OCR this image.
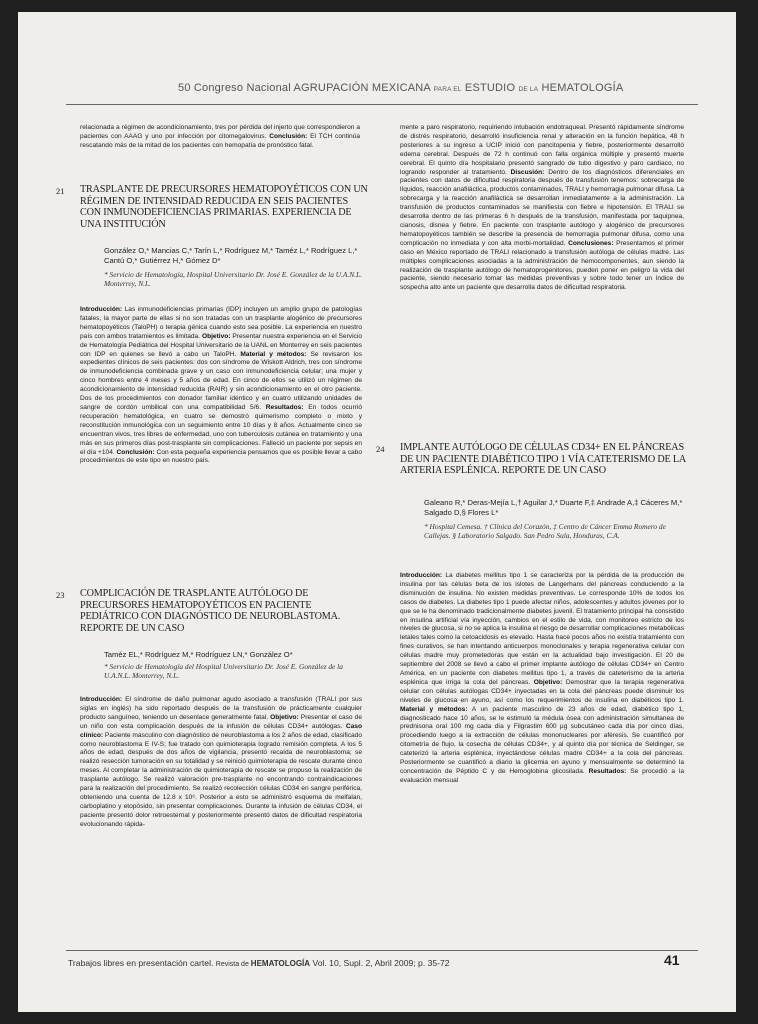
50 Congreso Nacional AGRUPACIÓN MEXICANA PARA EL ESTUDIO DE LA HEMATOLOGÍA

relacionada a régimen de acondicionamiento, tres por pérdida del injerto que correspondieron a pacientes con AAAG y uno por infección por citomegalovirus. Conclusión: El TCH continúa rescatando más de la mitad de los pacientes con hemopatía de pronóstico fatal.

21 TRASPLANTE DE PRECURSORES HEMATOPOYÉTICOS CON UN RÉGIMEN DE INTENSIDAD REDUCIDA EN SEIS PACIENTES CON INMUNODEFICIENCIAS PRIMARIAS. EXPERIENCIA DE UNA INSTITUCIÓN
González O,* Mancias C,* Tarín L,* Rodríguez M,* Taméz L,* Rodríguez L,* Cantú O,* Gutiérrez H,* Gómez D*
* Servicio de Hematología, Hospital Universitario Dr. José E. González de la U.A.N.L. Monterrey, N.L.

Introducción: Las inmunodeficiencias primarias (IDP) incluyen un amplio grupo de patologías fatales, la mayor parte de ellas si no son tratadas con un trasplante alogénico de precursores hematopoyéticos (TaloPH) o terapia génica cuando esto sea posible. La experiencia en nuestro país con ambos tratamientos es limitada. Objetivo: Presentar nuestra experiencia en el Servicio de Hematología Pediátrica del Hospital Universitario de la UANL en Monterrey en seis pacientes con IDP en quienes se llevó a cabo un TaloPH. Material y métodos: Se revisaron los expedientes clínicos de seis pacientes: dos con síndrome de Wiskott Aldrich, tres con síndrome de inmunodeficiencia combinada grave y un caso con inmunodeficiencia celular; una mujer y cinco hombres entre 4 meses y 5 años de edad. En cinco de ellos se utilizó un régimen de acondicionamiento de intensidad reducida (RAIR) y sin acondicionamiento en el otro paciente. Dos de los procedimientos con donador familiar idéntico y en cuatro utilizando unidades de sangre de cordón umbilical con una compatibilidad 5/6. Resultados: En todos ocurrió recuperación hematológica, en cuatro se demostró quimerismo completo o mixto y reconstitución inmunológica con un seguimiento entre 10 días y 8 años. Actualmente cinco se encuentran vivos, tres libres de enfermedad, uno con tuberculosis cutánea en tratamiento y una más en sus primeros días post-trasplante sin complicaciones. Falleció un paciente por sepsis en el día +104. Conclusión: Con esta pequeña experiencia pensamos que es posible llevar a cabo procedimientos de este tipo en nuestro país.

23 COMPLICACIÓN DE TRASPLANTE AUTÓLOGO DE PRECURSORES HEMATOPOYÉTICOS EN PACIENTE PEDIÁTRICO CON DIAGNÓSTICO DE NEUROBLASTOMA. REPORTE DE UN CASO
Taméz EL,* Rodríguez M,* Rodríguez LN,* González O*
* Servicio de Hematología del Hospital Universitario Dr. José E. González de la U.A.N.L. Monterrey, N.L.

Introducción: El síndrome de daño pulmonar agudo asociado a transfusión (TRALI por sus siglas en inglés) ha sido reportado después de la transfusión de prácticamente cualquier producto sanguíneo, teniendo un desenlace generalmente fatal. Objetivo: Presentar el caso de un niño con esta complicación después de la infusión de células CD34+ autólogas. Caso clínico: Paciente masculino con diagnóstico de neuroblastoma a los 2 años de edad, clasificado como neuroblastoma E IV-S; fue tratado con quimioterapia logrado remisión completa. A los 5 años de edad, después de dos años de vigilancia, presentó recaída de neuroblastoma; se realizó resección tumoración en su totalidad y se reinició quimioterapia de rescate durante cinco meses. Al completar la administración de quimioterapia de rescate se propuso la realización de trasplante autólogo. Se realizó valoración pre-trasplante no encontrando contraindicaciones para la realización del procedimiento. Se realizó recolección células CD34 en sangre periférica, obteniendo una cuenta de 12.8 x 10⁶. Posterior a esto se administró esquema de melfalan, carboplatino y etopósido, sin presentar complicaciones. Durante la infusión de células CD34, el paciente presentó dolor retroesternal y posteriormente presentó datos de dificultad respiratoria evolucionando rápida-

mente a paro respiratorio, requiriendo intubación endotraqueal. Presentó rápidamente síndrome de distrés respiratorio, desarrolló insuficiencia renal y alteración en la función hepática, 48 h posteriores a su ingreso a UCIP inició con pancitopenia y fiebre, posteriormente desarrolló edema cerebral. Después de 72 h continuó con falla orgánica múltiple y presentó muerte cerebral. El quinto día hospitalario presentó sangrado de tubo digestivo y paro cardiaco, no logrando responder al tratamiento. Discusión: Dentro de los diagnósticos diferenciales en pacientes con datos de dificultad respiratoria después de transfusión tenemos: sobrecarga de líquidos, reacción anafiláctica, productos contaminados, TRALI y hemorragia pulmonar difusa. La sobrecarga y la reacción anafiláctica se desarrollan inmediatamente a la administración. La transfusión de productos contaminados se manifiesta con fiebre e hipotensión. El TRALI se desarrolla dentro de las primeras 6 h después de la transfusión, manifestada por taquipnea, cianosis, disnea y fiebre. En paciente con trasplante autólogo y alogénico de precursores hematopoyéticos también se describe la presencia de hemorragia pulmonar difusa, como una complicación no inmediata y con alta morbi-mortalidad. Conclusiones: Presentamos el primer caso en México reportado de TRALI relacionado a transfusión autóloga de células madre. Las múltiples complicaciones asociadas a la administración de hemocomponentes, aun siendo la realización de trasplante autólogo de hematoprogenitores, pueden poner en peligro la vida del paciente, siendo necesario tomar las medidas preventivas y sobre todo tener un índice de sospecha alto ante un paciente que desarrolla datos de dificultad respiratoria.

24 IMPLANTE AUTÓLOGO DE CÉLULAS CD34+ EN EL PÁNCREAS DE UN PACIENTE DIABÉTICO TIPO 1 VÍA CATETERISMO DE LA ARTERIA ESPLÉNICA. REPORTE DE UN CASO
Galeano R,* Deras-Mejía L,† Aguilar J,* Duarte F,‡ Andrade A,‡ Cáceres M,* Salgado D,§ Flores L*
* Hospital Cemesa. † Clínica del Corazón, ‡ Centro de Cáncer Emma Romero de Callejas. § Laboratorio Salgado. San Pedro Sula, Honduras, C.A.

Introducción: La diabetes mellitus tipo 1 se caracteriza por la pérdida de la producción de insulina por las células beta de los islotes de Langerhans del páncreas conduciendo a la disminución de insulina. No existen medidas preventivas. Le corresponde 10% de todos los casos de diabetes. La diabetes tipo 1 puede afectar niños, adolescentes y adultos jóvenes por lo que se le ha denominado tradicionalmente diabetes juvenil. El tratamiento principal ha consistido en insulina artificial vía inyección, cambios en el estilo de vida, con monitoreo estricto de los niveles de glucosa, si no se aplica la insulina el riesgo de desarrollar complicaciones metabólicas letales tales como la cetoacidosis es elevado. Hasta hace pocos años no existía tratamiento con fines curativos, se han intentando anticuerpos monoclonales y terapia regenerativa celular con células madre muy prometedoras que están en la actualidad bajo investigación. El 20 de septiembre del 2008 se llevó a cabo el primer implante autólogo de células CD34+ en Centro América, en un paciente con diabetes mellitus tipo 1, a través de cateterismo de la arteria esplénica que irriga la cola del páncreas. Objetivo: Demostrar que la terapia regenerativa celular con células autólogas CD34+ inyectadas en la cola del páncreas puede disminuir los niveles de glucosa en ayuno, así como los requerimientos de insulina en diabéticos tipo 1. Material y métodos: A un paciente masculino de 23 años de edad, diabético tipo 1, diagnosticado hace 10 años, se le estimuló la médula ósea con administración simultanea de prednisona oral 100 mg cada día y Filgrastim 600 µg subcutáneo cada día por cinco días, procediendo luego a la extracción de células mononucleares por aféresis. Se cuantificó por citometría de flujo, la cosecha de células CD34+, y al quinto día por técnica de Seldinger, se cateterizó la arteria esplénica, inyectándose células madre CD34+ a la cola del páncreas. Posteriormente se cuantificó a diario la glicemia en ayuno y mensualmente se determinó la concentración de Péptido C y de Hemoglobina glicosilada. Resultados: Se procedió a la evaluación mensual

Trabajos libres en presentación cartel. Revista de HEMATOLOGÍA Vol. 10, Supl. 2, Abril 2009; p. 35-72	41
